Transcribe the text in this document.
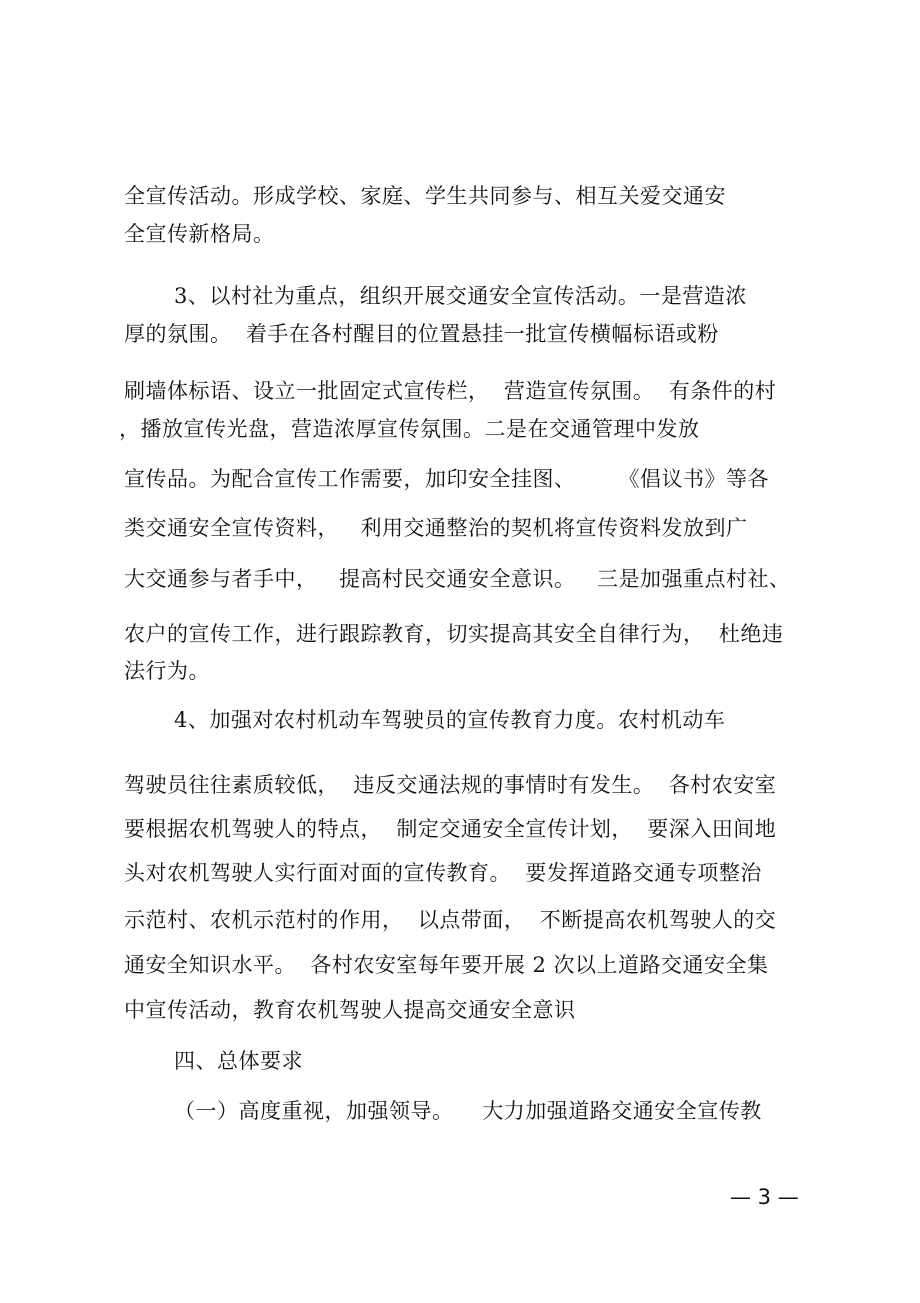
全宣传活动。形成学校、家庭、学生共同参与、相互关爱交通安
全宣传新格局。
3、以村社为重点，组织开展交通安全宣传活动。一是营造浓
厚的氛围。  着手在各村醒目的位置悬挂一批宣传横幅标语或粉
刷墙体标语、设立一批固定式宣传栏，  营造宣传氛围。  有条件的村
，播放宣传光盘，营造浓厚宣传氛围。二是在交通管理中发放
宣传品。为配合宣传工作需要，加印安全挂图、      《倡议书》等各
类交通安全宣传资料，   利用交通整治的契机将宣传资料发放到广
大交通参与者手中，   提高村民交通安全意识。   三是加强重点村社、
农户的宣传工作，进行跟踪教育，切实提高其安全自律行为，  杜绝违
法行为。
4、加强对农村机动车驾驶员的宣传教育力度。农村机动车
驾驶员往往素质较低，  违反交通法规的事情时有发生。  各村农安室
要根据农机驾驶人的特点，  制定交通安全宣传计划，  要深入田间地
头对农机驾驶人实行面对面的宣传教育。  要发挥道路交通专项整治
示范村、农机示范村的作用，  以点带面，  不断提高农机驾驶人的交
通安全知识水平。  各村农安室每年要开展 2 次以上道路交通安全集
中宣传活动，教育农机驾驶人提高交通安全意识
四、总体要求
（一）高度重视，加强领导。    大力加强道路交通安全宣传教
— 3 —
